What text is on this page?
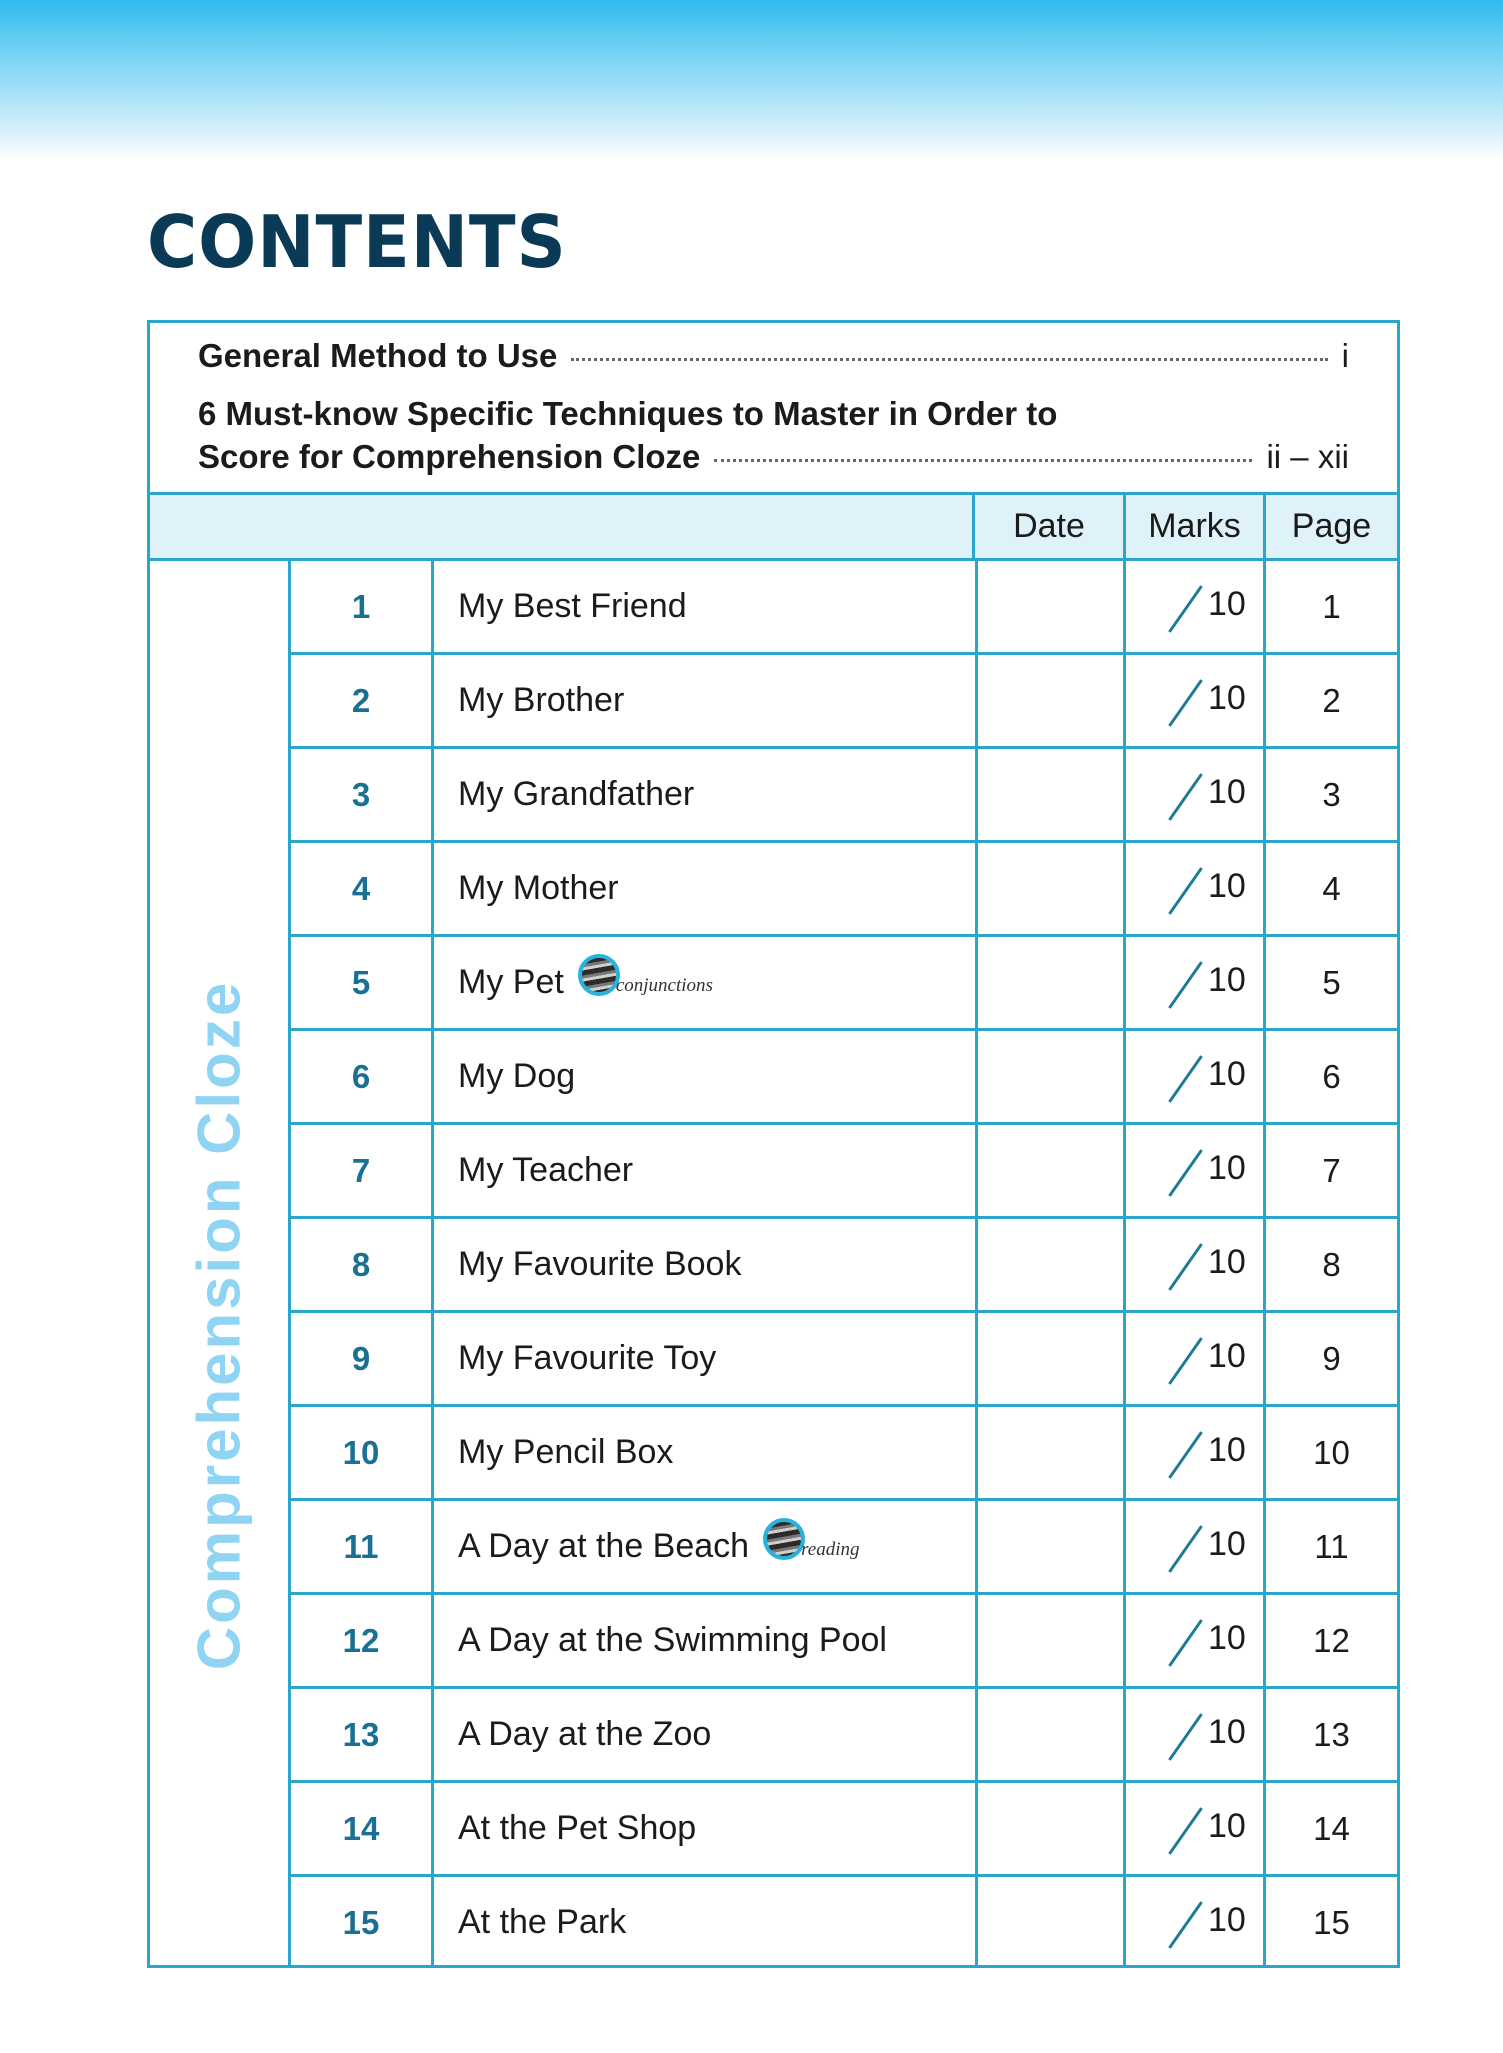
CONTENTS
General Method to Use	i
6 Must-know Specific Techniques to Master in Order to
Score for Comprehension Cloze	ii – xii
Date	Marks	Page
Comprehension Cloze
1	My Best Friend	10	1
2	My Brother	10	2
3	My Grandfather	10	3
4	My Mother	10	4
5	My Pet	conjunctions	10	5
6	My Dog	10	6
7	My Teacher	10	7
8	My Favourite Book	10	8
9	My Favourite Toy	10	9
10	My Pencil Box	10	10
11	A Day at the Beach	reading	10	11
12	A Day at the Swimming Pool	10	12
13	A Day at the Zoo	10	13
14	At the Pet Shop	10	14
15	At the Park	10	15
